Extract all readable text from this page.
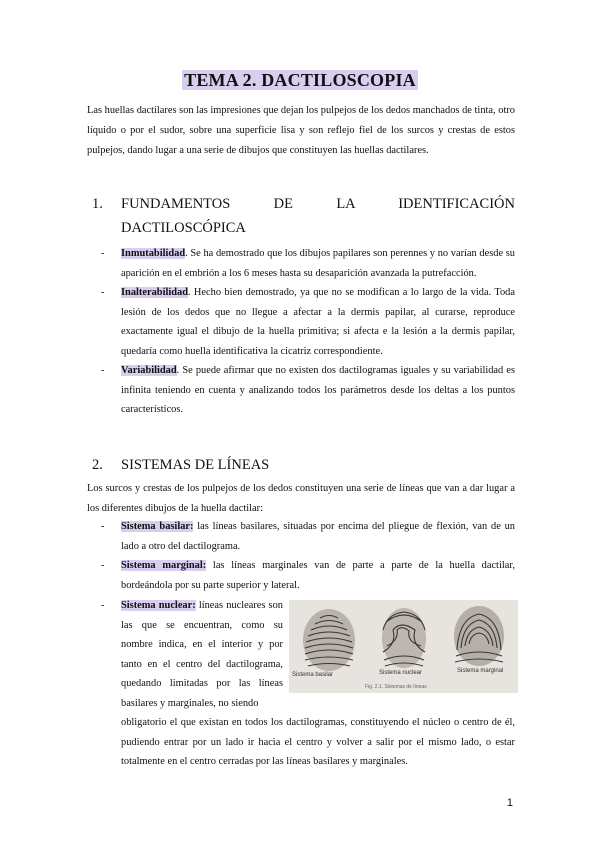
TEMA 2. DACTILOSCOPIA

Las huellas dactilares son las impresiones que dejan los pulpejos de los dedos manchados de tinta, otro líquido o por el sudor, sobre una superficie lisa y son reflejo fiel de los surcos y crestas de estos pulpejos, dando lugar a una serie de dibujos que constituyen las huellas dactilares.

1. FUNDAMENTOS DE LA IDENTIFICACIÓN
DACTILOSCÓPICA
- Inmutabilidad. Se ha demostrado que los dibujos papilares son perennes y no varían desde su aparición en el embrión a los 6 meses hasta su desaparición avanzada la putrefacción.
- Inalterabilidad. Hecho bien demostrado, ya que no se modifican a lo largo de la vida. Toda lesión de los dedos que no llegue a afectar a la dermis papilar, al curarse, reproduce exactamente igual el dibujo de la huella primitiva; si afecta e la lesión a la dermis papilar, quedaría como huella identificativa la cicatriz correspondiente.
- Variabilidad. Se puede afirmar que no existen dos dactilogramas iguales y su variabilidad es infinita teniendo en cuenta y analizando todos los parámetros desde los deltas a los puntos característicos.
2. SISTEMAS DE LÍNEAS

Los surcos y crestas de los pulpejos de los dedos constituyen una serie de líneas que van a dar lugar a los diferentes dibujos de la huella dactilar:

- Sistema basilar: las líneas basilares, situadas por encima del pliegue de flexión, van de un lado a otro del dactilograma.
- Sistema marginal: las líneas marginales van de parte a parte de la huella dactilar, bordeándola por su parte superior y lateral.
- Sistema nuclear: líneas nucleares son las que se encuentran, como su nombre indica, en el interior y por tanto en el centro del dactilograma, quedando limitadas por las líneas basilares y marginales, no siendo
obligatorio el que existan en todos los dactilogramas, constituyendo el núcleo o centro de él, pudiendo entrar por un lado ir hacia el centro y volver a salir por el mismo lado, o estar totalmente en el centro cerradas por las líneas basilares y marginales.
Sistema basilar	Sistema nuclear	Sistema marginal
Fig. 2.1. Sistemas de líneas
1
